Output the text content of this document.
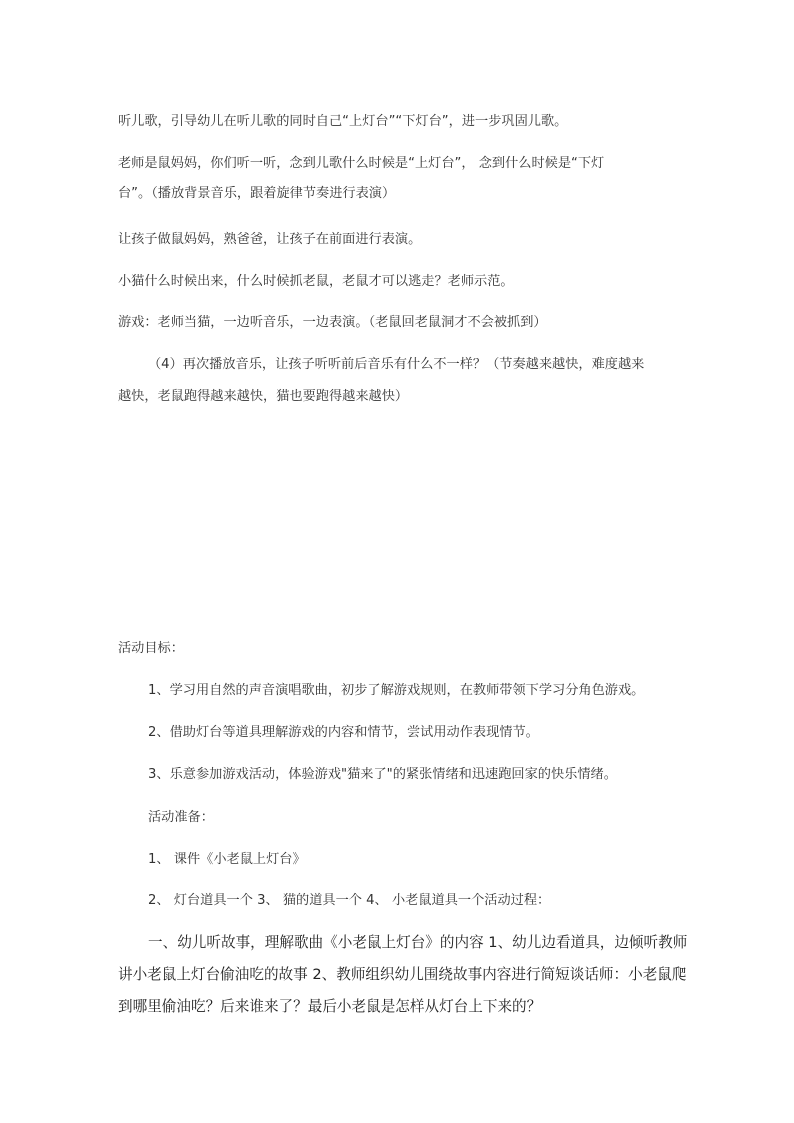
听儿歌，引导幼儿在听儿歌的同时自己“上灯台”“下灯台”，进一步巩固儿歌。
老师是鼠妈妈，你们听一听，念到儿歌什么时候是“上灯台”， 念到什么时候是“下灯
台”。（播放背景音乐，跟着旋律节奏进行表演）
让孩子做鼠妈妈，熟爸爸，让孩子在前面进行表演。
小猫什么时候出来，什么时候抓老鼠，老鼠才可以逃走？老师示范。
游戏：老师当猫，一边听音乐，一边表演。（老鼠回老鼠洞才不会被抓到）
（4）再次播放音乐，让孩子听听前后音乐有什么不一样？（节奏越来越快，难度越来
越快，老鼠跑得越来越快，猫也要跑得越来越快）
活动目标：
1、学习用自然的声音演唱歌曲，初步了解游戏规则，在教师带领下学习分角色游戏。
2、借助灯台等道具理解游戏的内容和情节，尝试用动作表现情节。
3、乐意参加游戏活动，体验游戏"猫来了"的紧张情绪和迅速跑回家的快乐情绪。
活动准备：
1、 课件《小老鼠上灯台》
2、 灯台道具一个 3、 猫的道具一个 4、 小老鼠道具一个活动过程：
一、幼儿听故事，理解歌曲《小老鼠上灯台》的内容 1、幼儿边看道具，边倾听教师
讲小老鼠上灯台偷油吃的故事 2、教师组织幼儿围绕故事内容进行简短谈话师：小老鼠爬
到哪里偷油吃？后来谁来了？最后小老鼠是怎样从灯台上下来的？
